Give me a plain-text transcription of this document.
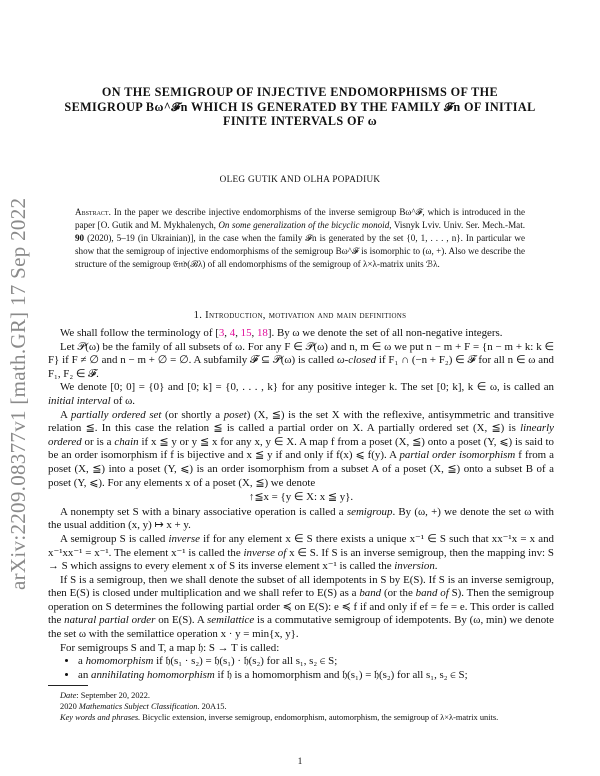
arXiv:2209.08377v1 [math.GR] 17 Sep 2022
ON THE SEMIGROUP OF INJECTIVE ENDOMORPHISMS OF THE
SEMIGROUP Bω^𝓕n WHICH IS GENERATED BY THE FAMILY 𝓕n OF INITIAL
FINITE INTERVALS OF ω
OLEG GUTIK AND OLHA POPADIUK
Abstract. In the paper we describe injective endomorphisms of the inverse semigroup Bω^𝓕, which is introduced in the paper [O. Gutik and M. Mykhalenych, On some generalization of the bicyclic monoid, Visnyk Lviv. Univ. Ser. Mech.-Mat. 90 (2020), 5–19 (in Ukrainian)], in the case when the family 𝓕n is generated by the set {0, 1, . . . , n}. In particular we show that the semigroup of injective endomorphisms of the semigroup Bω^𝓕 is isomorphic to (ω, +). Also we describe the structure of the semigroup 𝔈𝔫𝔡(ℬλ) of all endomorphisms of the semigroup of λ×λ-matrix units ℬλ.
1. Introduction, motivation and main definitions

We shall follow the terminology of [3, 4, 15, 18]. By ω we denote the set of all non-negative integers.

Let 𝒫(ω) be the family of all subsets of ω. For any F ∈ 𝒫(ω) and n, m ∈ ω we put n − m + F = {n − m + k: k ∈ F} if F ≠ ∅ and n − m + ∅ = ∅. A subfamily 𝓕 ⊆ 𝒫(ω) is called ω-closed if F₁ ∩ (−n + F₂) ∈ 𝓕 for all n ∈ ω and F₁, F₂ ∈ 𝓕.

We denote [0; 0] = {0} and [0; k] = {0, . . . , k} for any positive integer k. The set [0; k], k ∈ ω, is called an initial interval of ω.

A partially ordered set (or shortly a poset) (X, ≦) is the set X with the reflexive, antisymmetric and transitive relation ≦. In this case the relation ≦ is called a partial order on X. A partially ordered set (X, ≦) is linearly ordered or is a chain if x ≦ y or y ≦ x for any x, y ∈ X. A map f from a poset (X, ≦) onto a poset (Y, ⩽) is said to be an order isomorphism if f is bijective and x ≦ y if and only if f(x) ⩽ f(y). A partial order isomorphism f from a poset (X, ≦) into a poset (Y, ⩽) is an order isomorphism from a subset A of a poset (X, ≦) onto a subset B of a poset (Y, ⩽). For any elements x of a poset (X, ≦) we denote

↑≦x = {y ∈ X: x ≦ y}.

A nonempty set S with a binary associative operation is called a semigroup. By (ω, +) we denote the set ω with the usual addition (x, y) ↦ x + y.

A semigroup S is called inverse if for any element x ∈ S there exists a unique x⁻¹ ∈ S such that xx⁻¹x = x and x⁻¹xx⁻¹ = x⁻¹. The element x⁻¹ is called the inverse of x ∈ S. If S is an inverse semigroup, then the mapping inv: S → S which assigns to every element x of S its inverse element x⁻¹ is called the inversion.

If S is a semigroup, then we shall denote the subset of all idempotents in S by E(S). If S is an inverse semigroup, then E(S) is closed under multiplication and we shall refer to E(S) as a band (or the band of S). Then the semigroup operation on S determines the following partial order ≼ on E(S): e ≼ f if and only if ef = fe = e. This order is called the natural partial order on E(S). A semilattice is a commutative semigroup of idempotents. By (ω, min) we denote the set ω with the semilattice operation x · y = min{x, y}.

For semigroups S and T, a map 𝔥: S → T is called:

• a homomorphism if 𝔥(s₁ · s₂) = 𝔥(s₁) · 𝔥(s₂) for all s₁, s₂ ∈ S;
• an annihilating homomorphism if 𝔥 is a homomorphism and 𝔥(s₁) = 𝔥(s₂) for all s₁, s₂ ∈ S;

Date: September 20, 2022.

2020 Mathematics Subject Classification. 20A15.

Key words and phrases. Bicyclic extension, inverse semigroup, endomorphism, automorphism, the semigroup of λ×λ-matrix units.

1
